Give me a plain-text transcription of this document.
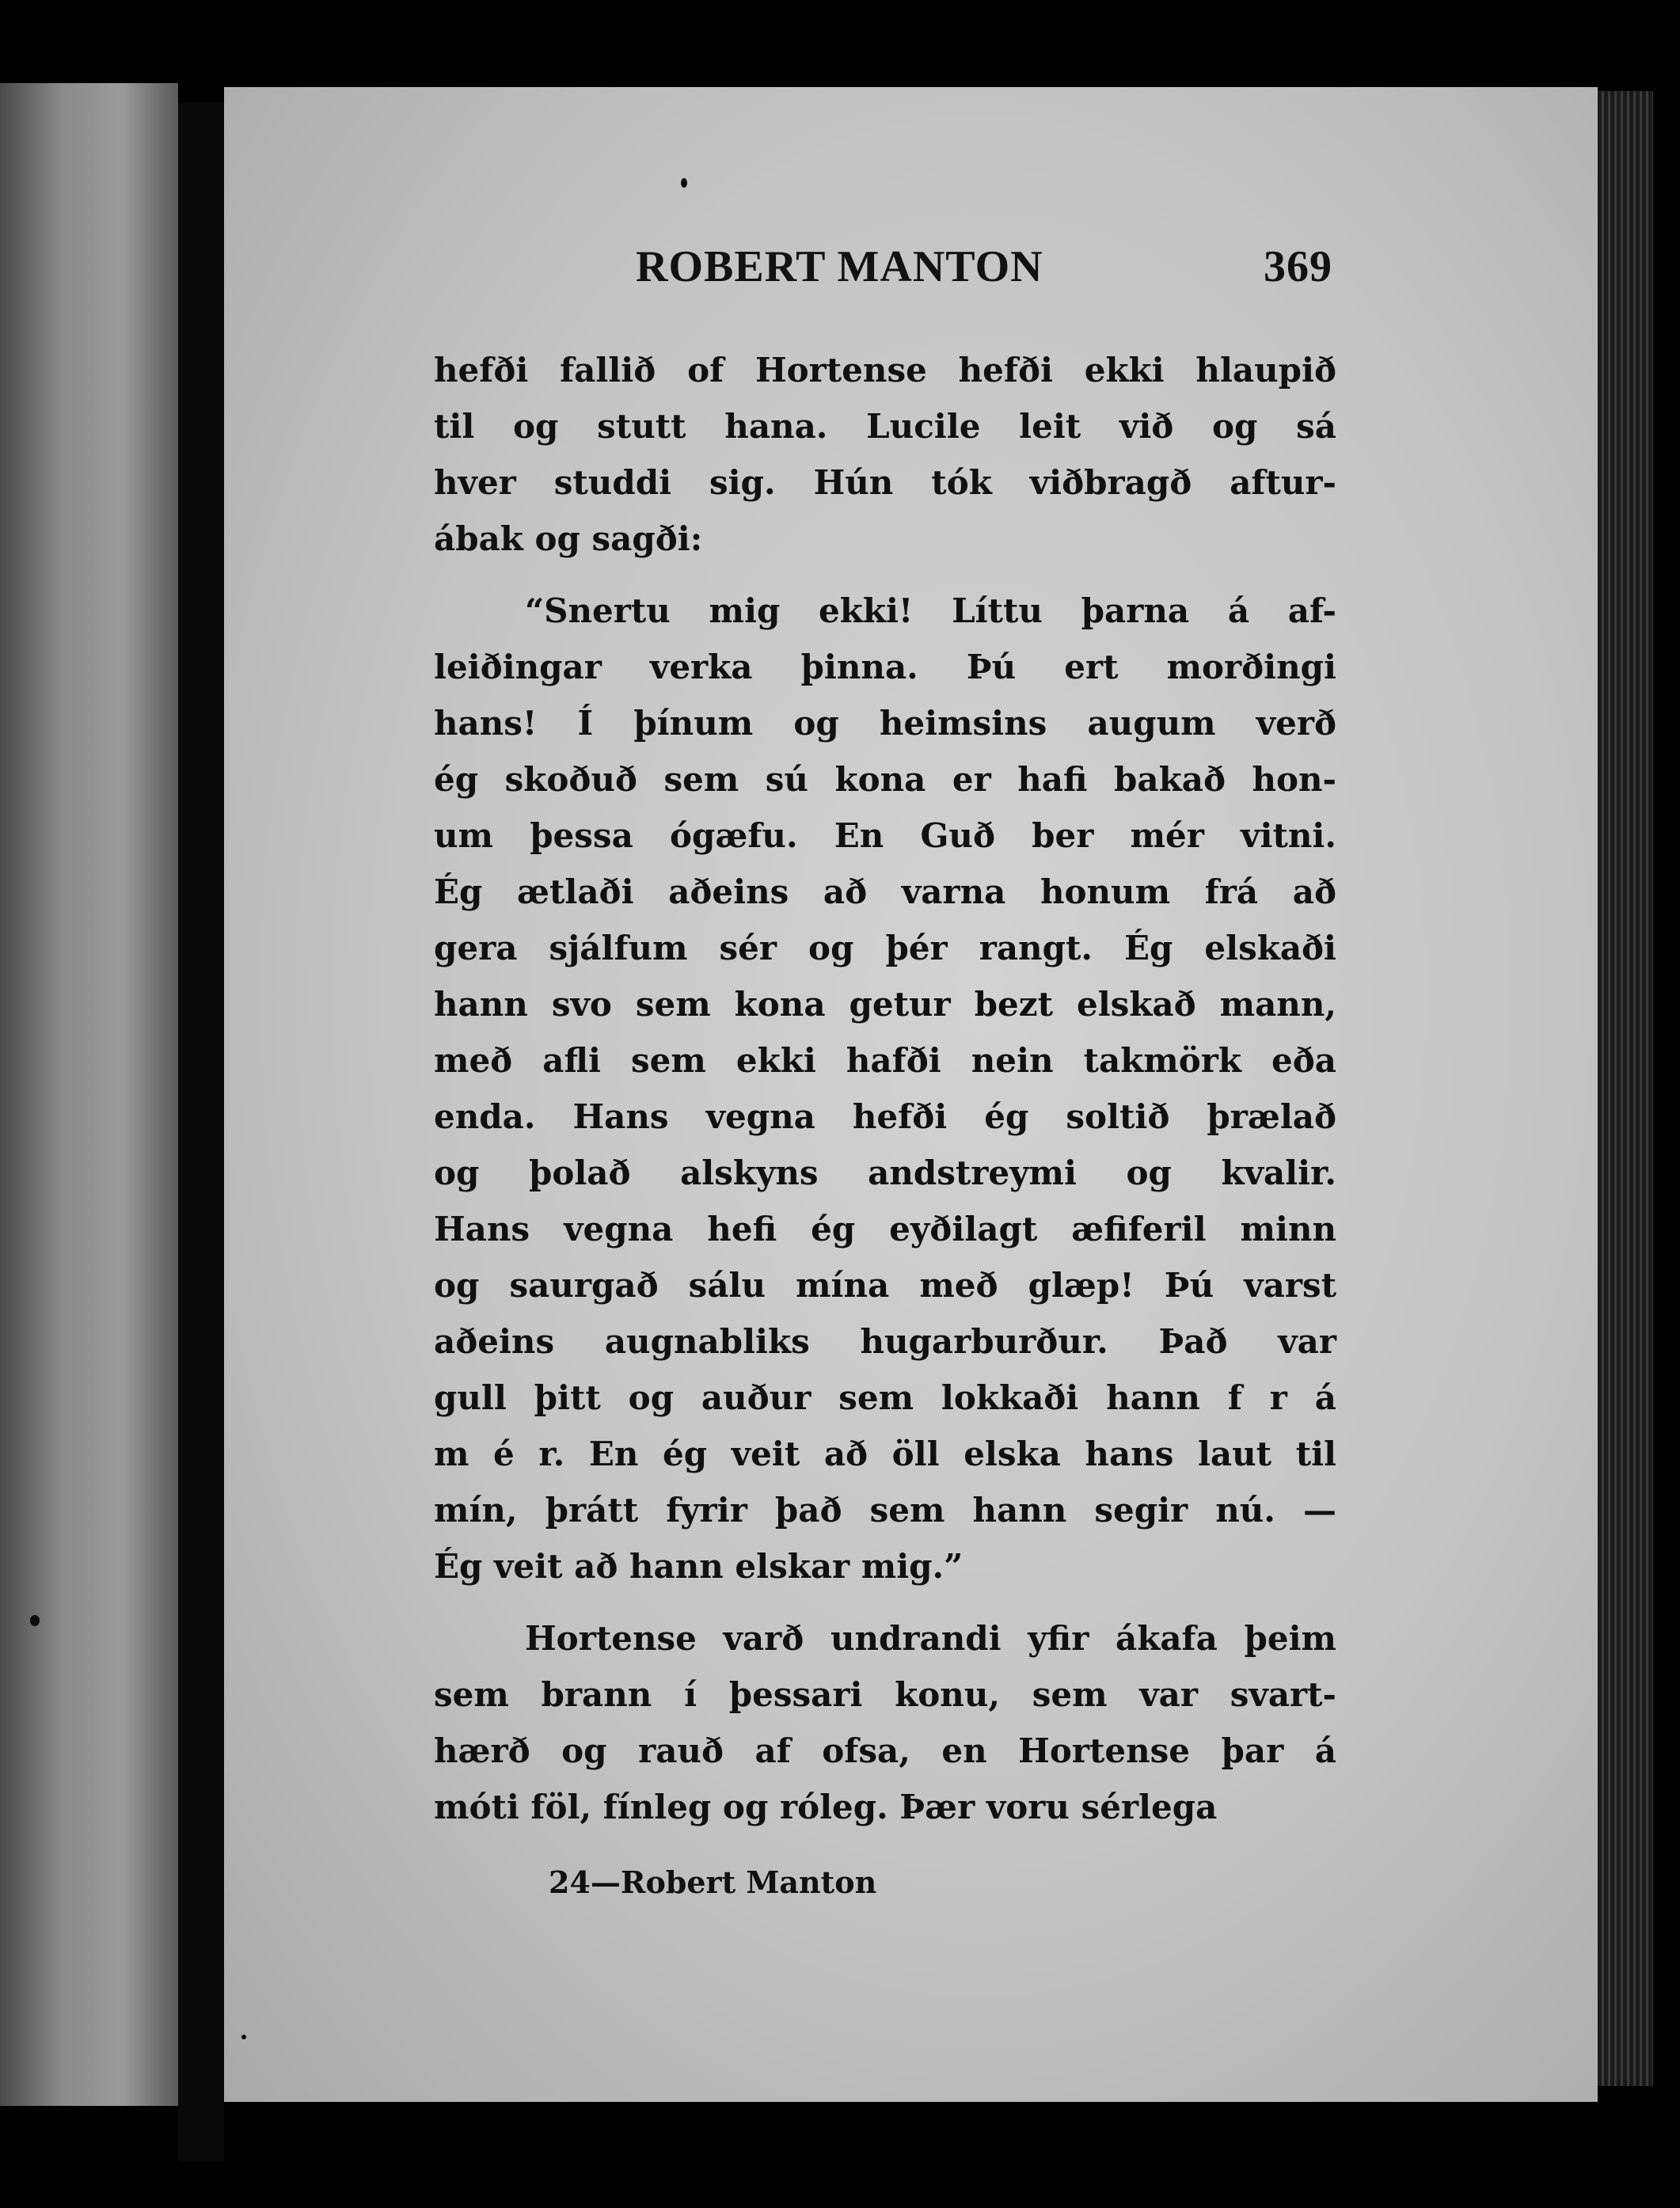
ROBERT MANTON	369

hefði fallið of Hortense hefði ekki hlaupið
til og stutt hana. Lucile leit við og sá
hver studdi sig. Hún tók viðbragð aftur-
ábak og sagði:

“Snertu mig ekki! Líttu þarna á af-
leiðingar verka þinna. Þú ert morðingi
hans! Í þínum og heimsins augum verð
ég skoðuð sem sú kona er hafi bakað hon-
um þessa ógæfu. En Guð ber mér vitni.
Ég ætlaði aðeins að varna honum frá að
gera sjálfum sér og þér rangt. Ég elskaði
hann svo sem kona getur bezt elskað mann,
með afli sem ekki hafði nein takmörk eða
enda. Hans vegna hefði ég soltið þrælað
og þolað alskyns andstreymi og kvalir.
Hans vegna hefi ég eyðilagt æfiferil minn
og saurgað sálu mína með glæp! Þú varst
aðeins augnabliks hugarburður. Það var
gull þitt og auður sem lokkaði hann f r á
m é r. En ég veit að öll elska hans laut til
mín, þrátt fyrir það sem hann segir nú. —
Ég veit að hann elskar mig.”

Hortense varð undrandi yfir ákafa þeim
sem brann í þessari konu, sem var svart-
hærð og rauð af ofsa, en Hortense þar á
móti föl, fínleg og róleg. Þær voru sérlega

24—Robert Manton
